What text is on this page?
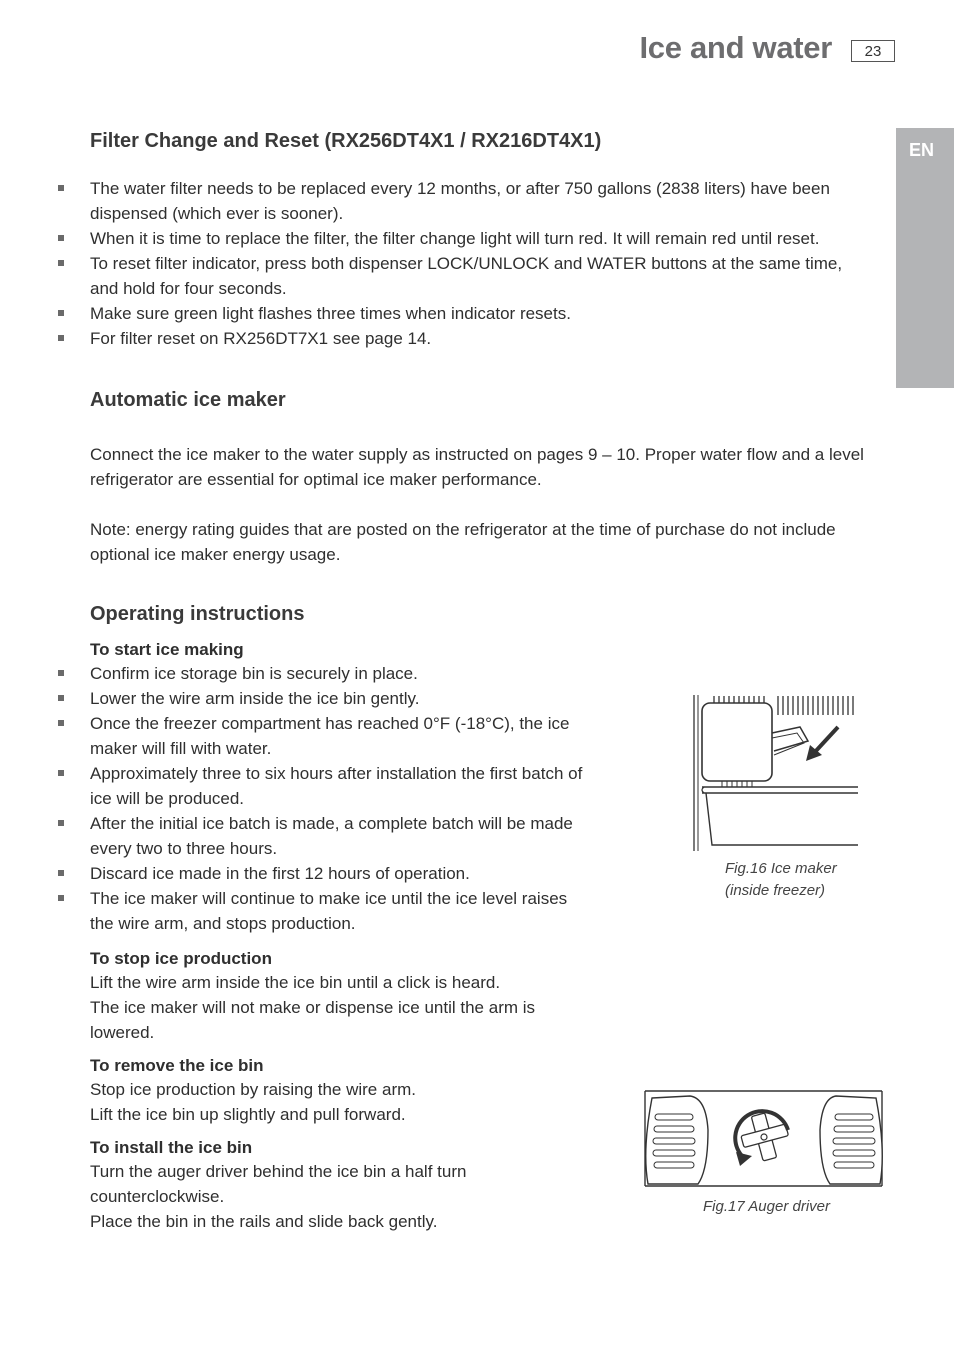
Ice and water	23
EN
Filter Change and Reset (RX256DT4X1 / RX216DT4X1)
The water filter needs to be replaced every 12 months, or after 750 gallons (2838 liters) have been dispensed (which ever is sooner).
When it is time to replace the filter, the filter change light will turn red. It will remain red until reset.
To reset filter indicator, press both dispenser LOCK/UNLOCK and WATER buttons at the same time, and hold for four seconds.
Make sure green light flashes three times when indicator resets.
For filter reset on RX256DT7X1 see page 14.
Automatic ice maker

Connect the ice maker to the water supply as instructed on pages 9 – 10. Proper water flow and a level refrigerator are essential for optimal ice maker performance.

Note: energy rating guides that are posted on the refrigerator at the time of purchase do not include optional ice maker energy usage.

Operating instructions
To start ice making
Confirm ice storage bin is securely in place.
Lower the wire arm inside the ice bin gently.
Once the freezer compartment has reached 0°F (-18°C), the ice maker will fill with water.
Approximately three to six hours after installation the first batch of ice will be produced.
After the initial ice batch is made, a complete batch will be made every two to three hours.
Discard ice made in the first 12 hours of operation.
The ice maker will continue to make ice until the ice level raises the wire arm, and stops production.
To stop ice production
Lift the wire arm inside the ice bin until a click is heard.
The ice maker will not make or dispense ice until the arm is lowered.
To remove the ice bin
Stop ice production by raising the wire arm.
Lift the ice bin up slightly and pull forward.
To install the ice bin
Turn the auger driver behind the ice bin a half turn counterclockwise.
Place the bin in the rails and slide back gently.
Fig.16 Ice maker
(inside freezer)
Fig.17 Auger driver
